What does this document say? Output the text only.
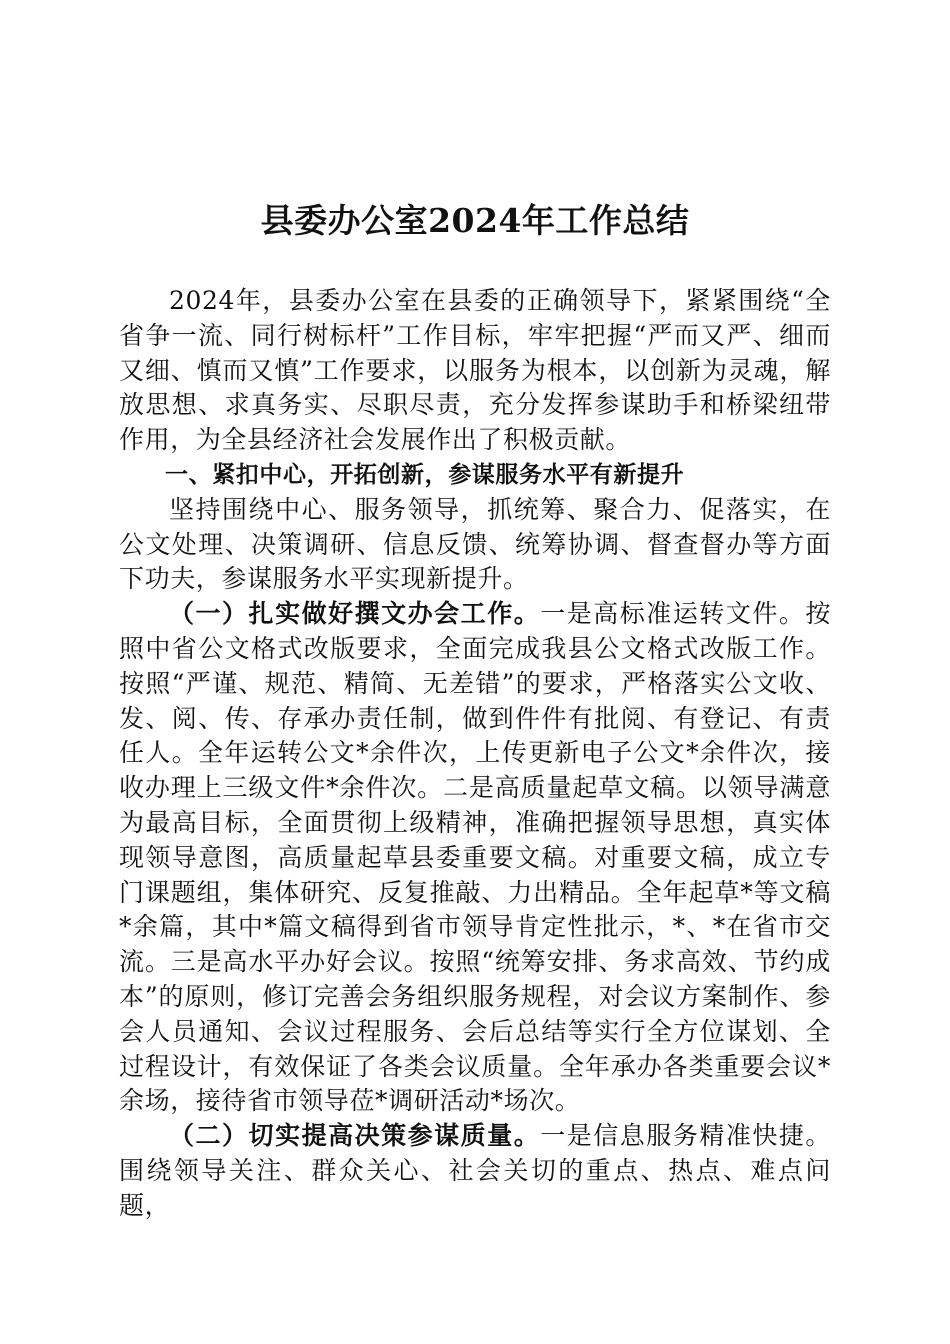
县委办公室2024年工作总结

2024年，县委办公室在县委的正确领导下，紧紧围绕“全省争一流、同行树标杆”工作目标，牢牢把握“严而又严、细而又细、慎而又慎”工作要求，以服务为根本，以创新为灵魂，解放思想、求真务实、尽职尽责，充分发挥参谋助手和桥梁纽带作用，为全县经济社会发展作出了积极贡献。

一、紧扣中心，开拓创新，参谋服务水平有新提升

坚持围绕中心、服务领导，抓统筹、聚合力、促落实，在公文处理、决策调研、信息反馈、统筹协调、督查督办等方面下功夫，参谋服务水平实现新提升。

（一）扎实做好撰文办会工作。一是高标准运转文件。按照中省公文格式改版要求，全面完成我县公文格式改版工作。按照“严谨、规范、精简、无差错”的要求，严格落实公文收、发、阅、传、存承办责任制，做到件件有批阅、有登记、有责任人。全年运转公文*余件次，上传更新电子公文*余件次，接收办理上三级文件*余件次。二是高质量起草文稿。以领导满意为最高目标，全面贯彻上级精神，准确把握领导思想，真实体现领导意图，高质量起草县委重要文稿。对重要文稿，成立专门课题组，集体研究、反复推敲、力出精品。全年起草*等文稿*余篇，其中*篇文稿得到省市领导肯定性批示，*、*在省市交流。三是高水平办好会议。按照“统筹安排、务求高效、节约成本”的原则，修订完善会务组织服务规程，对会议方案制作、参会人员通知、会议过程服务、会后总结等实行全方位谋划、全过程设计，有效保证了各类会议质量。全年承办各类重要会议*余场，接待省市领导莅*调研活动*场次。

（二）切实提高决策参谋质量。一是信息服务精准快捷。围绕领导关注、群众关心、社会关切的重点、热点、难点问题，
